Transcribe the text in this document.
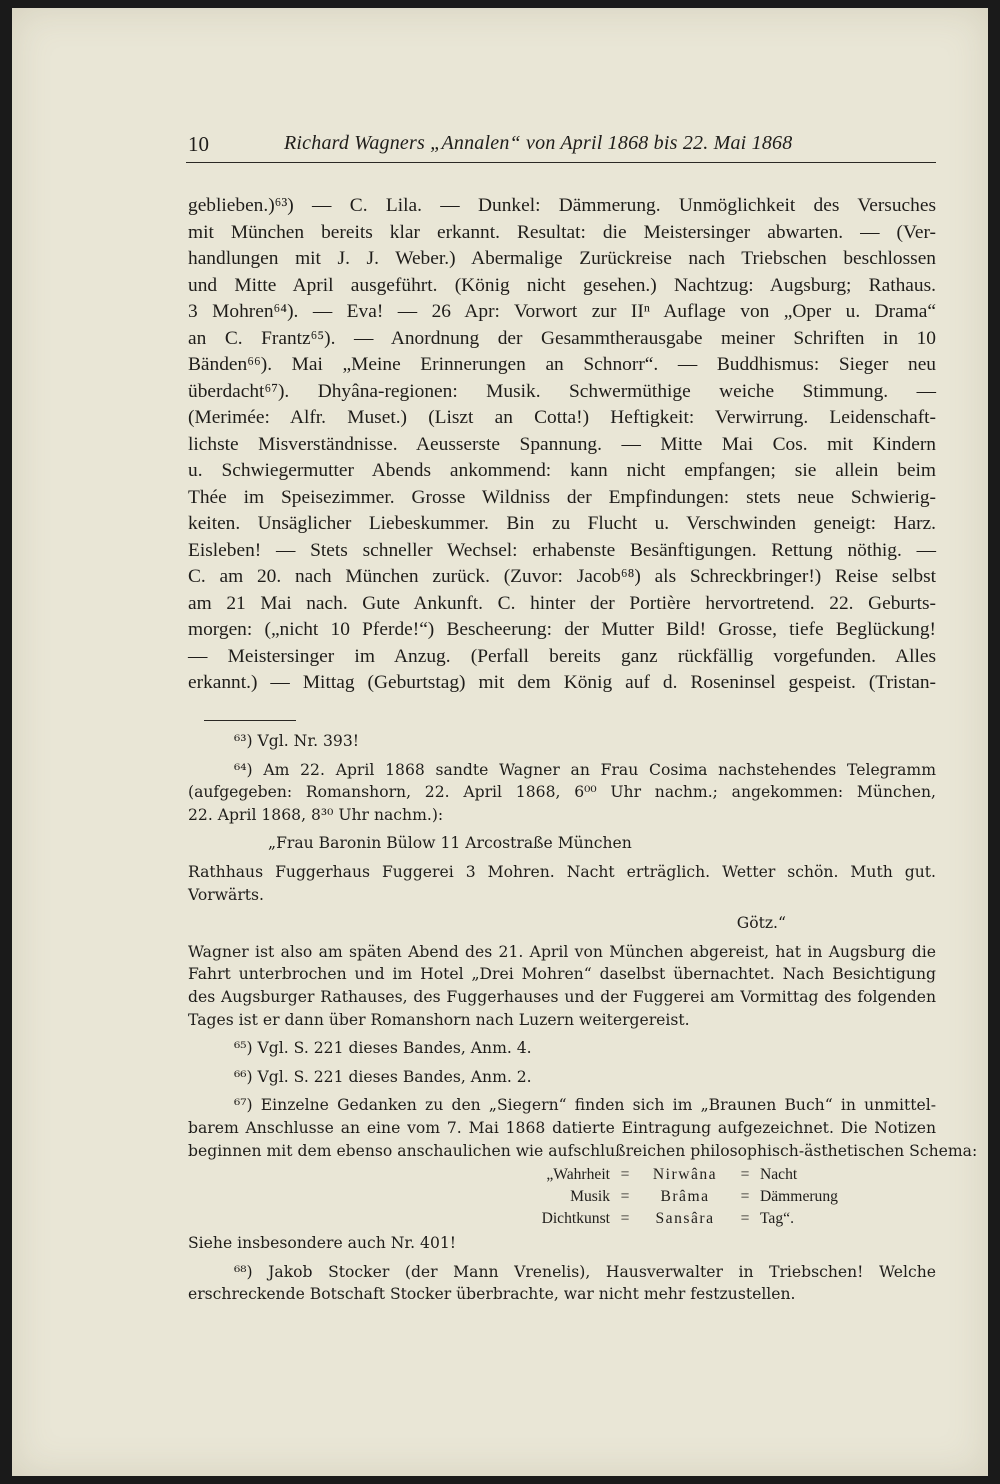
10	Richard Wagners „Annalen“ von April 1868 bis 22. Mai 1868
geblieben.)⁶³) — C. Lila. — Dunkel: Dämmerung. Unmöglichkeit des Versuches
mit München bereits klar erkannt. Resultat: die Meistersinger abwarten. — (Ver-
handlungen mit J. J. Weber.) Abermalige Zurückreise nach Triebschen beschlossen
und Mitte April ausgeführt. (König nicht gesehen.) Nachtzug: Augsburg; Rathaus.
3 Mohren⁶⁴). — Eva! — 26 Apr: Vorwort zur IIⁿ Auflage von „Oper u. Drama“
an C. Frantz⁶⁵). — Anordnung der Gesammtherausgabe meiner Schriften in 10
Bänden⁶⁶). Mai „Meine Erinnerungen an Schnorr“. — Buddhismus: Sieger neu
überdacht⁶⁷). Dhyâna-regionen: Musik. Schwermüthige weiche Stimmung. —
(Merimée: Alfr. Muset.) (Liszt an Cotta!) Heftigkeit: Verwirrung. Leidenschaft-
lichste Misverständnisse. Aeusserste Spannung. — Mitte Mai Cos. mit Kindern
u. Schwiegermutter Abends ankommend: kann nicht empfangen; sie allein beim
Thée im Speisezimmer. Grosse Wildniss der Empfindungen: stets neue Schwierig-
keiten. Unsäglicher Liebeskummer. Bin zu Flucht u. Verschwinden geneigt: Harz.
Eisleben! — Stets schneller Wechsel: erhabenste Besänftigungen. Rettung nöthig. —
C. am 20. nach München zurück. (Zuvor: Jacob⁶⁸) als Schreckbringer!) Reise selbst
am 21 Mai nach. Gute Ankunft. C. hinter der Portière hervortretend. 22. Geburts-
morgen: („nicht 10 Pferde!“) Bescheerung: der Mutter Bild! Grosse, tiefe Beglückung!
— Meistersinger im Anzug. (Perfall bereits ganz rückfällig vorgefunden. Alles
erkannt.) — Mittag (Geburtstag) mit dem König auf d. Roseninsel gespeist. (Tristan-
⁶³) Vgl. Nr. 393!
⁶⁴) Am 22. April 1868 sandte Wagner an Frau Cosima nachstehendes Telegramm
(aufgegeben: Romanshorn, 22. April 1868, 6⁰⁰ Uhr nachm.; angekommen: München,
22. April 1868, 8³⁰ Uhr nachm.):
„Frau Baronin Bülow 11 Arcostraße München
Rathhaus Fuggerhaus Fuggerei 3 Mohren. Nacht erträglich. Wetter schön. Muth gut.
Vorwärts.
Götz.“
Wagner ist also am späten Abend des 21. April von München abgereist, hat in Augsburg die
Fahrt unterbrochen und im Hotel „Drei Mohren“ daselbst übernachtet. Nach Besichtigung
des Augsburger Rathauses, des Fuggerhauses und der Fuggerei am Vormittag des folgenden
Tages ist er dann über Romanshorn nach Luzern weitergereist.
⁶⁵) Vgl. S. 221 dieses Bandes, Anm. 4.
⁶⁶) Vgl. S. 221 dieses Bandes, Anm. 2.
⁶⁷) Einzelne Gedanken zu den „Siegern“ finden sich im „Braunen Buch“ in unmittel-
barem Anschlusse an eine vom 7. Mai 1868 datierte Eintragung aufgezeichnet. Die Notizen
beginnen mit dem ebenso anschaulichen wie aufschlußreichen philosophisch-ästhetischen Schema:
„Wahrheit =	Nirwâna	= Nacht
Musik =	Brâma	= Dämmerung
Dichtkunst =	Sansâra	= Tag“.
Siehe insbesondere auch Nr. 401!
⁶⁸) Jakob Stocker (der Mann Vrenelis), Hausverwalter in Triebschen! Welche
erschreckende Botschaft Stocker überbrachte, war nicht mehr festzustellen.
